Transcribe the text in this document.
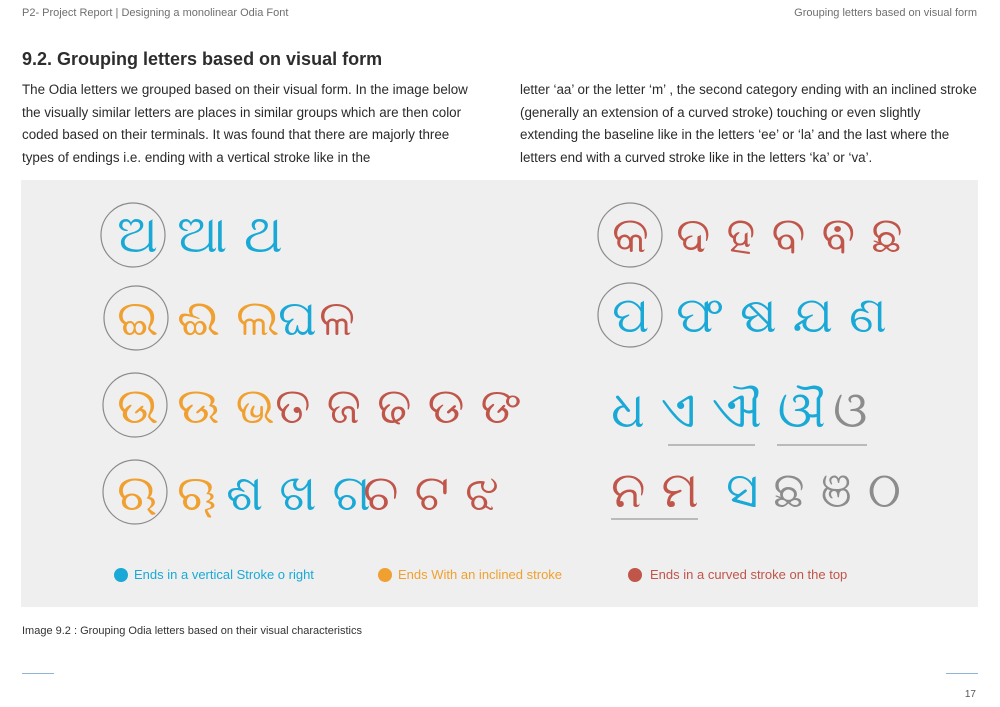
P2- Project Report | Designing a monolinear Odia Font	Grouping letters based on visual form
9.2. Grouping letters based on visual form

The Odia letters we grouped based on their visual form. In the image below the visually similar letters are places in similar groups which are then color coded based on their terminals. It was found that there are majorly three types of endings i.e. ending with a vertical stroke like in the

letter ‘aa’ or the letter ‘m’ , the second category ending with an inclined stroke (generally an extension of a curved stroke) touching or even slightly extending the baseline like in the letters ‘ee’ or ‘la’ and the last where the letters end with a curved stroke like in the letters ‘ka’ or ‘va’.

ଅ ଆ ଥ
ଇ ଈ ଲ
ଘ ଳ
ଉ ଊ ଭ ତ ଜ ଢ ଡ ଙ
ଋ ୠ ଶ ଖ ଗ
ଚ ଟ ଝ
କ ଦ ହ ବ ଵ ଛ
ପ ଫ ଷ ଯ ଣ
ଧ ଏ ଐ ଔ ଓ
ନ ମ ସ ଛ ଞ ଠ
Ends in a vertical Stroke o right	Ends With an inclined stroke	Ends in a curved stroke on the top
Image 9.2 : Grouping Odia letters based on their visual characteristics
17
